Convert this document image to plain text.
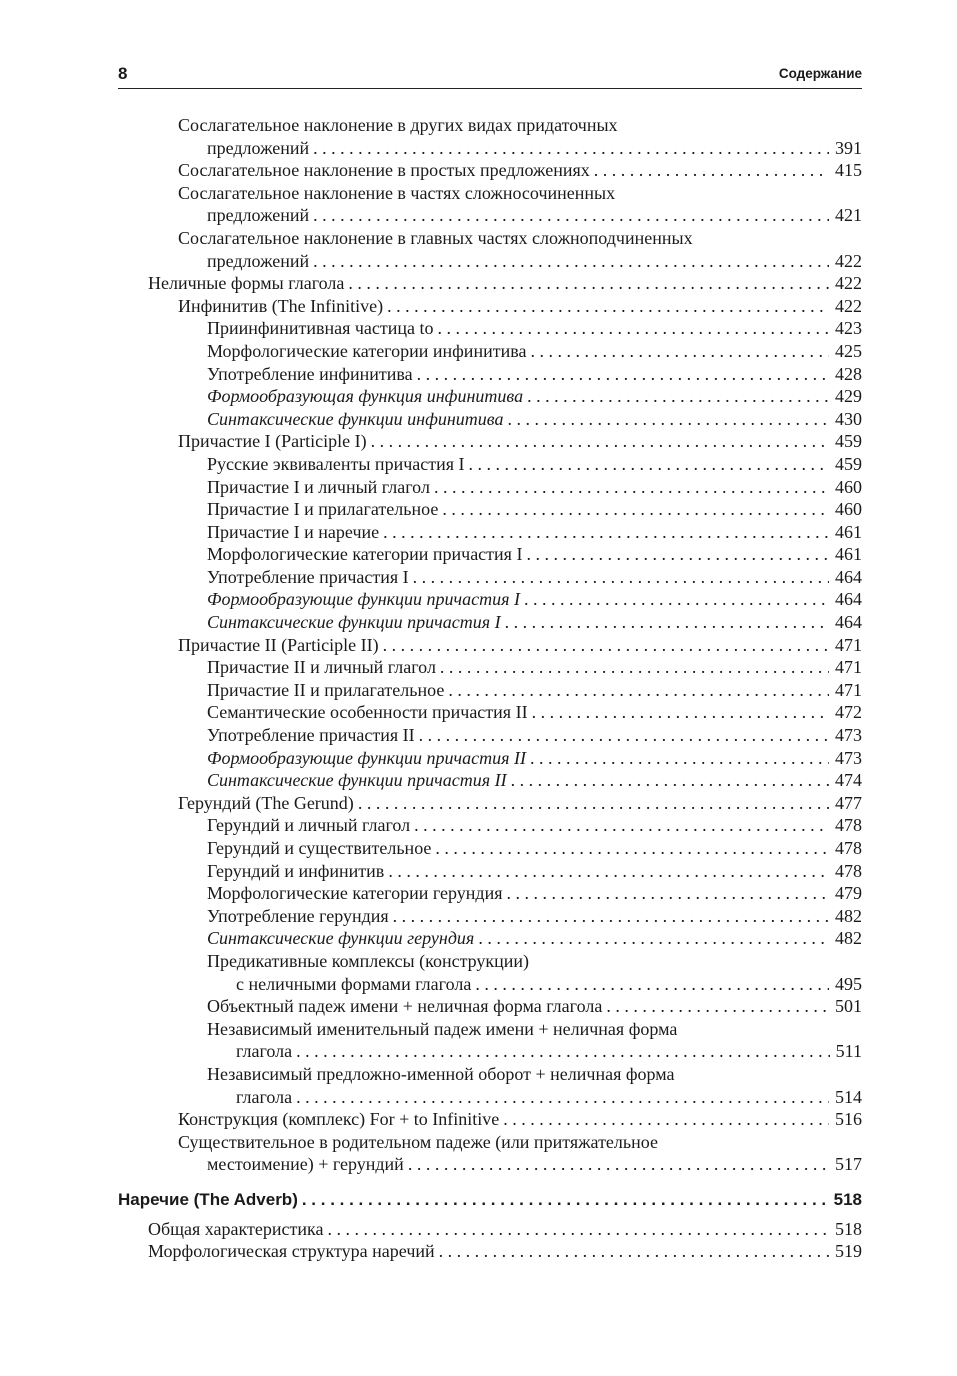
8	Содержание
Сослагательное наклонение в других видах придаточных
предложений . . .	391
Сослагательное наклонение в простых предложениях . . .	415
Сослагательное наклонение в частях сложносочиненных
предложений . . .	421
Сослагательное наклонение в главных частях сложноподчиненных
предложений . . .	422
Неличные формы глагола . . .	422
Инфинитив (The Infinitive) . . .	422
Приинфинитивная частица to . . .	423
Морфологические категории инфинитива . . .	425
Употребление инфинитива . . .	428
Формообразующая функция инфинитива . . .	429
Синтаксические функции инфинитива . . .	430
Причастие I (Participle I) . . .	459
Русские эквиваленты причастия I . . .	459
Причастие I и личный глагол . . .	460
Причастие I и прилагательное . . .	460
Причастие I и наречие . . .	461
Морфологические категории причастия I . . .	461
Употребление причастия I . . .	464
Формообразующие функции причастия I . . .	464
Синтаксические функции причастия I . . .	464
Причастие II (Participle II) . . .	471
Причастие II и личный глагол . . .	471
Причастие II и прилагательное . . .	471
Семантические особенности причастия II . . .	472
Употребление причастия II . . .	473
Формообразующие функции причастия II . . .	473
Синтаксические функции причастия II . . .	474
Герундий (The Gerund) . . .	477
Герундий и личный глагол . . .	478
Герундий и существительное . . .	478
Герундий и инфинитив . . .	478
Морфологические категории герундия . . .	479
Употребление герундия . . .	482
Синтаксические функции герундия . . .	482
Предикативные комплексы (конструкции)
с неличными формами глагола . . .	495
Объектный падеж имени + неличная форма глагола . . .	501
Независимый именительный падеж имени + неличная форма
глагола . . .	511
Независимый предложно-именной оборот + неличная форма
глагола . . .	514
Конструкция (комплекс) For + to Infinitive . . .	516
Существительное в родительном падеже (или притяжательное
местоимение) + герундий . . .	517
Наречие (The Adverb) . . .	518
Общая характеристика . . .	518
Морфологическая структура наречий . . .	519
